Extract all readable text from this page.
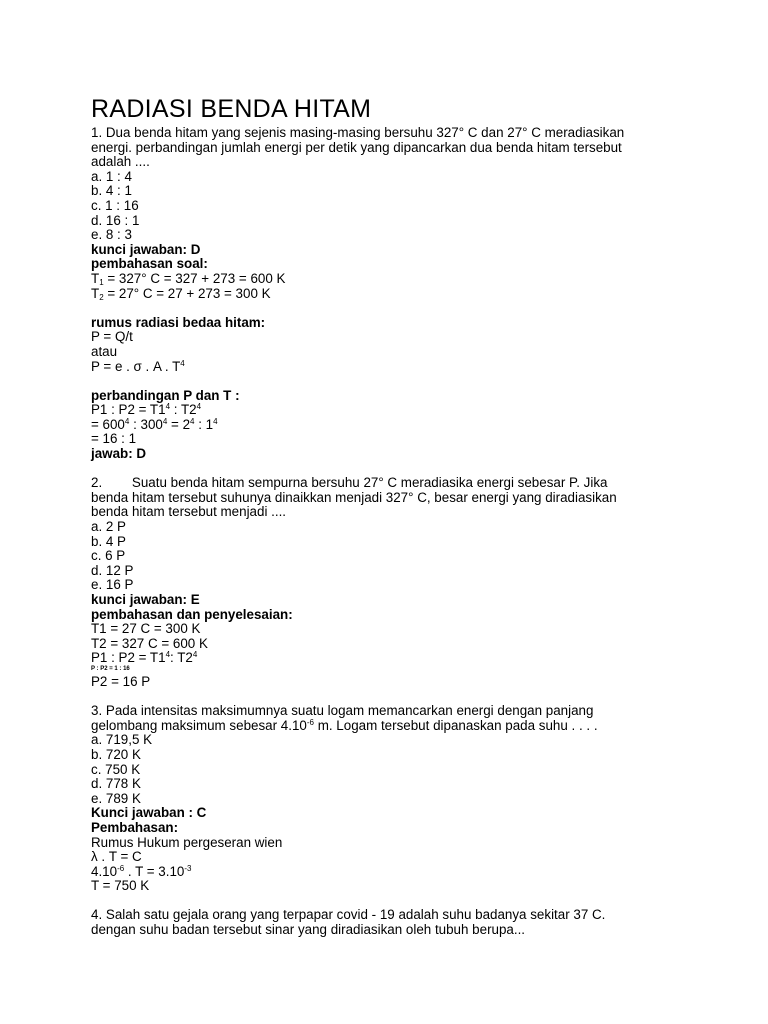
RADIASI BENDA HITAM
1. Dua benda hitam yang sejenis masing-masing bersuhu 327° C dan 27° C meradiasikan
energi. perbandingan jumlah energi per detik yang dipancarkan dua benda hitam tersebut
adalah ....
a. 1 : 4
b. 4 : 1
c. 1 : 16
d. 16 : 1
e. 8 : 3
kunci jawaban: D
pembahasan soal:
$T_1 = 327^\circ$ C = 327 + 273 = 600 K
$T_2 = 27^\circ$ C = 27 + 273 = 300 K
rumus radiasi bedaa hitam:
P = Q/t
atau
P = e . σ . A . $T^4$
perbandingan P dan T :
P1 : $P2 = T1^4$ : $T2^4$
= $600^4$ : $300^4 = 2^4$ : $1^4$
= 16 : 1
jawab: D
2.        Suatu benda hitam sempurna bersuhu 27° C meradiasika energi sebesar P. Jika
benda hitam tersebut suhunya dinaikkan menjadi 327° C, besar energi yang diradiasikan
benda hitam tersebut menjadi ....
a. 2 P
b. 4 P
c. 6 P
d. 12 P
e. 16 P
kunci jawaban: E
pembahasan dan penyelesaian:
T1 = 27 C = 300 K
T2 = 327 C = 600 K
P1 : $P2 = T1^4$: $T2^4$
P : P2 = 1 : 16
P2 = 16 P
3. Pada intensitas maksimumnya suatu logam memancarkan energi dengan panjang
gelombang maksimum sebesar $4.10^{-6}$ m. Logam tersebut dipanaskan pada suhu . . . .
a. 719,5 K
b. 720 K
c. 750 K
d. 778 K
e. 789 K
Kunci jawaban : C
Pembahasan:
Rumus Hukum pergeseran wien
λ . T = C
$4.10^{-6}$ . $T = 3.10^{-3}$
T = 750 K
4. Salah satu gejala orang yang terpapar covid - 19 adalah suhu badanya sekitar 37 C.
dengan suhu badan tersebut sinar yang diradiasikan oleh tubuh berupa...
